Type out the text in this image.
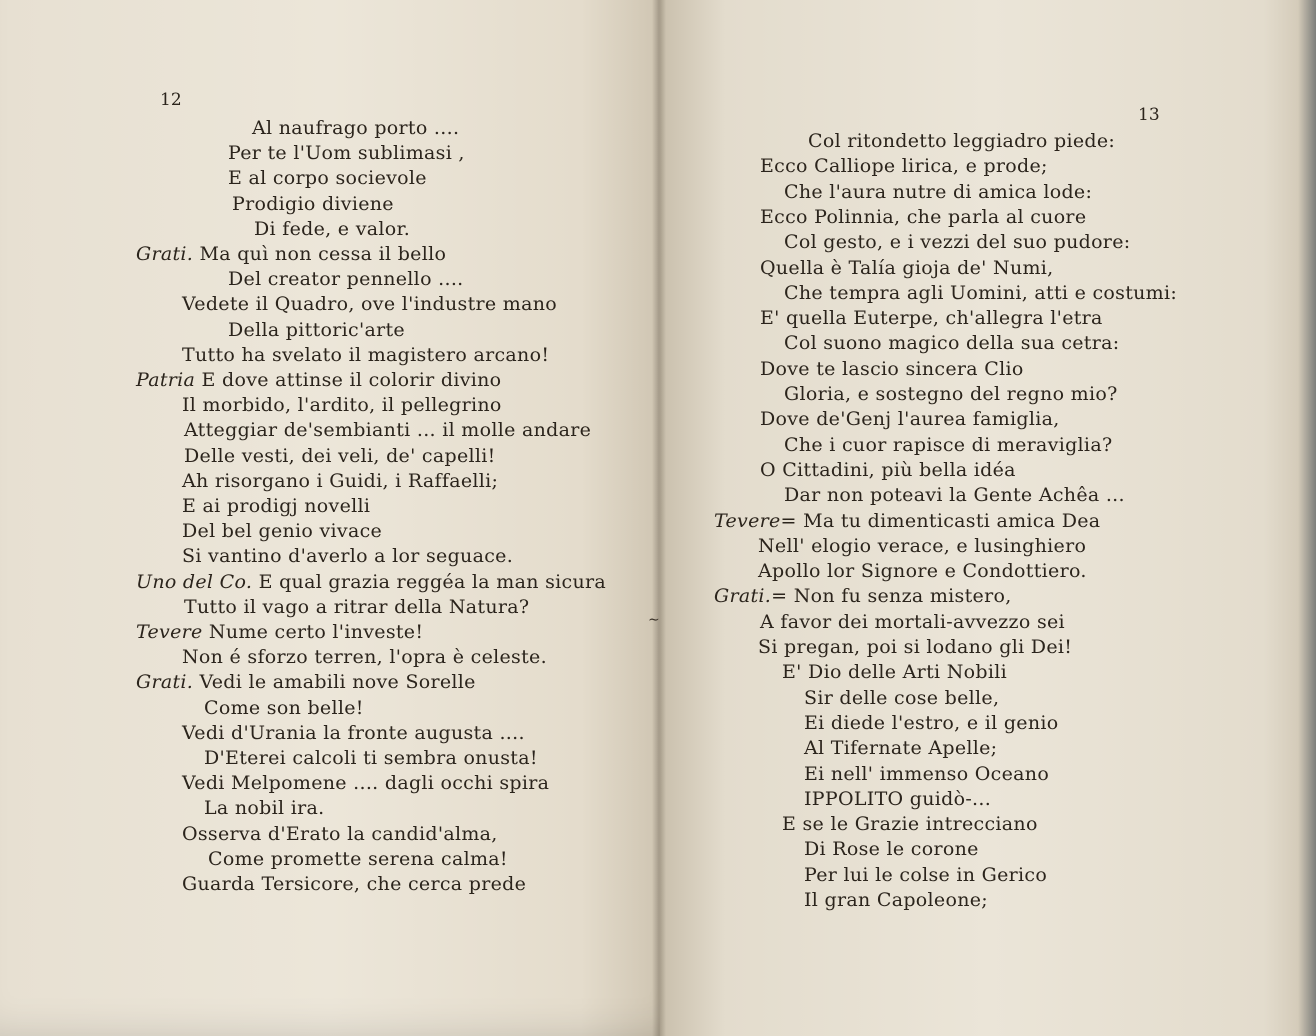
12
Al naufrago porto ....
Per te l'Uom sublimasi ,
E al corpo socievole
Prodigio diviene
Di fede, e valor.
Grati. Ma quì non cessa il bello
Del creator pennello ....
Vedete il Quadro, ove l'industre mano
Della pittoric'arte
Tutto ha svelato il magistero arcano!
Patria E dove attinse il colorir divino
Il morbido, l'ardito, il pellegrino
Atteggiar de'sembianti ... il molle andare
Delle vesti, dei veli, de' capelli!
Ah risorgano i Guidi, i Raffaelli;
E ai prodigj novelli
Del bel genio vivace
Si vantino d'averlo a lor seguace.
Uno del Co. E qual grazia reggéa la man sicura
Tutto il vago a ritrar della Natura?
Tevere Nume certo l'investe!
Non é sforzo terren, l'opra è celeste.
Grati. Vedi le amabili nove Sorelle
Come son belle!
Vedi d'Urania la fronte augusta ....
D'Eterei calcoli ti sembra onusta!
Vedi Melpomene .... dagli occhi spira
La nobil ira.
Osserva d'Erato la candid'alma,
Come promette serena calma!
Guarda Tersicore, che cerca prede
13
Col ritondetto leggiadro piede:
Ecco Calliope lirica, e prode;
Che l'aura nutre di amica lode:
Ecco Polinnia, che parla al cuore
Col gesto, e i vezzi del suo pudore:
Quella è Talía gioja de' Numi,
Che tempra agli Uomini, atti e costumi:
E' quella Euterpe, ch'allegra l'etra
Col suono magico della sua cetra:
Dove te lascio sincera Clio
Gloria, e sostegno del regno mio?
Dove de'Genj l'aurea famiglia,
Che i cuor rapisce di meraviglia?
O Cittadini, più bella idéa
Dar non poteavi la Gente Achêa ...
Tevere= Ma tu dimenticasti amica Dea
Nell' elogio verace, e lusinghiero
Apollo lor Signore e Condottiero.
Grati.= Non fu senza mistero,
A favor dei mortali-avvezzo sei
Si pregan, poi si lodano gli Dei!
E' Dio delle Arti Nobili
Sir delle cose belle,
Ei diede l'estro, e il genio
Al Tifernate Apelle;
Ei nell' immenso Oceano
IPPOLITO guidò-...
E se le Grazie intrecciano
Di Rose le corone
Per lui le colse in Gerico
Il gran Capoleone;
